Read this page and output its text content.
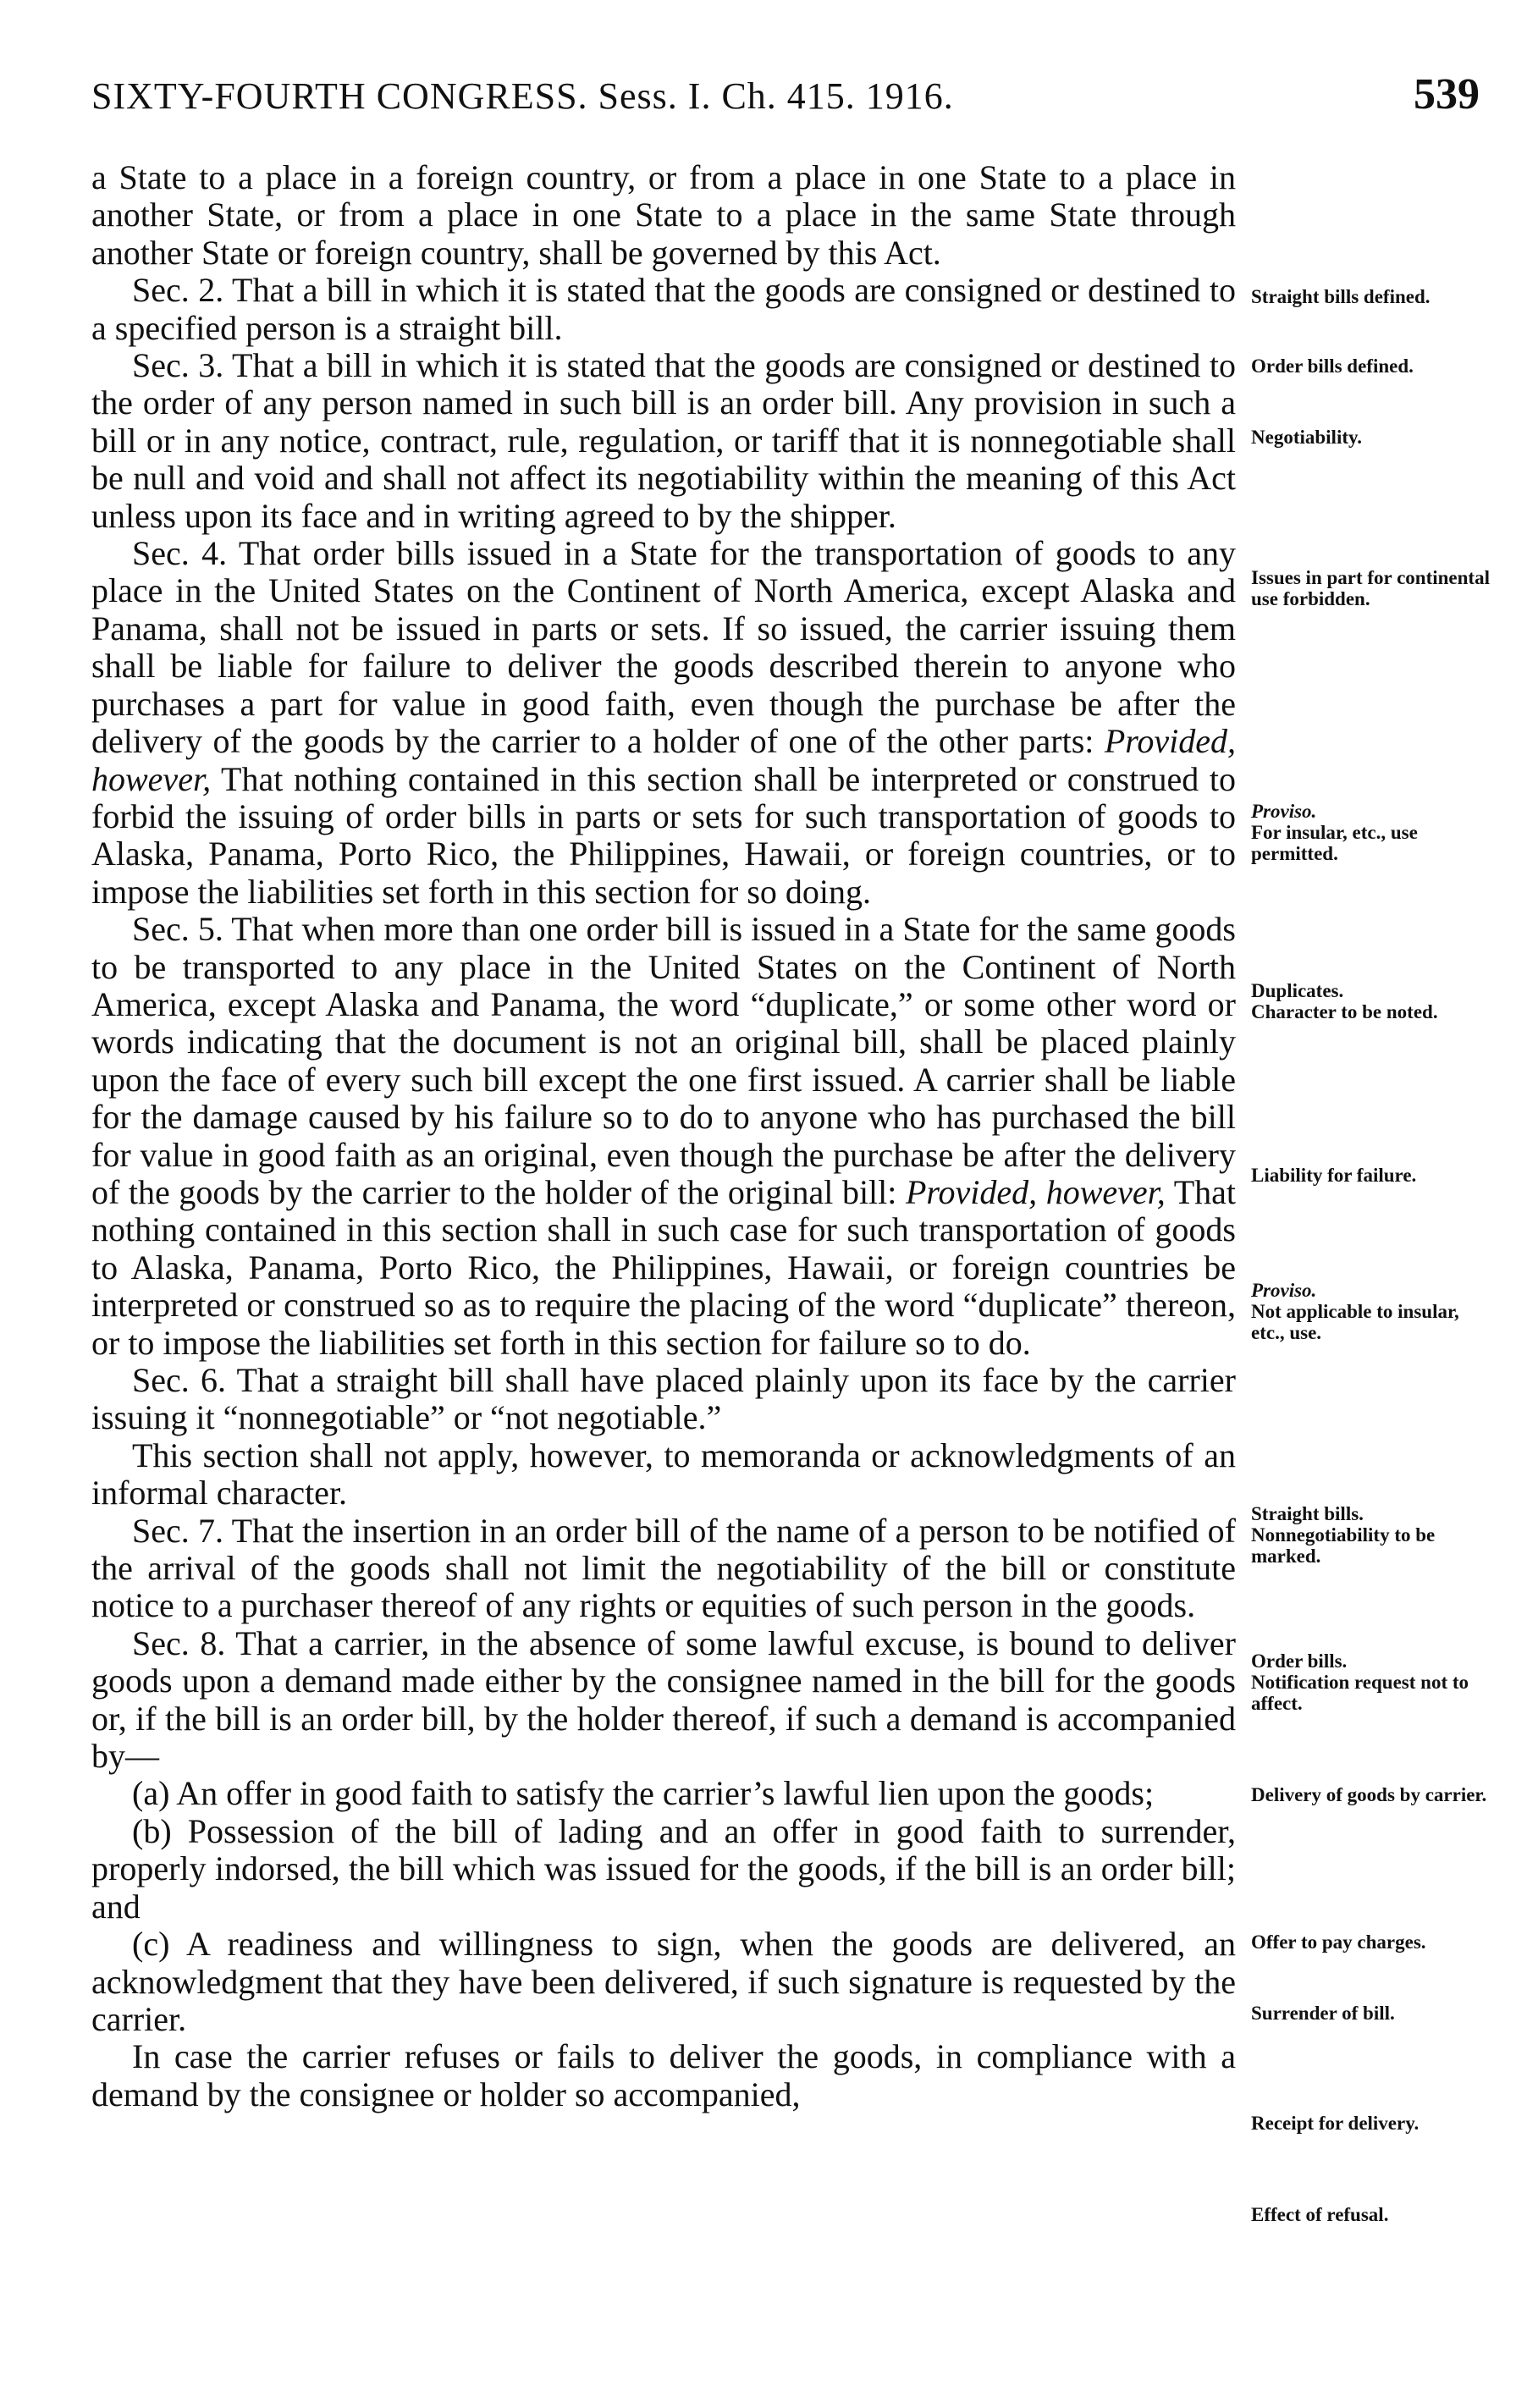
SIXTY-FOURTH CONGRESS. Sess. I. Ch. 415. 1916.	539

a State to a place in a foreign country, or from a place in one State to a place in another State, or from a place in one State to a place in the same State through another State or foreign country, shall be governed by this Act.

Sec. 2. That a bill in which it is stated that the goods are consigned or destined to a specified person is a straight bill.

Sec. 3. That a bill in which it is stated that the goods are consigned or destined to the order of any person named in such bill is an order bill. Any provision in such a bill or in any notice, contract, rule, regulation, or tariff that it is nonnegotiable shall be null and void and shall not affect its negotiability within the meaning of this Act unless upon its face and in writing agreed to by the shipper.

Sec. 4. That order bills issued in a State for the transportation of goods to any place in the United States on the Continent of North America, except Alaska and Panama, shall not be issued in parts or sets. If so issued, the carrier issuing them shall be liable for failure to deliver the goods described therein to anyone who purchases a part for value in good faith, even though the purchase be after the delivery of the goods by the carrier to a holder of one of the other parts: Provided, however, That nothing contained in this section shall be interpreted or construed to forbid the issuing of order bills in parts or sets for such transportation of goods to Alaska, Panama, Porto Rico, the Philippines, Hawaii, or foreign countries, or to impose the liabilities set forth in this section for so doing.

Sec. 5. That when more than one order bill is issued in a State for the same goods to be transported to any place in the United States on the Continent of North America, except Alaska and Panama, the word “duplicate,” or some other word or words indicating that the document is not an original bill, shall be placed plainly upon the face of every such bill except the one first issued. A carrier shall be liable for the damage caused by his failure so to do to anyone who has purchased the bill for value in good faith as an original, even though the purchase be after the delivery of the goods by the carrier to the holder of the original bill: Provided, however, That nothing contained in this section shall in such case for such transportation of goods to Alaska, Panama, Porto Rico, the Philippines, Hawaii, or foreign countries be interpreted or construed so as to require the placing of the word “duplicate” thereon, or to impose the liabilities set forth in this section for failure so to do.

Sec. 6. That a straight bill shall have placed plainly upon its face by the carrier issuing it “nonnegotiable” or “not negotiable.”

This section shall not apply, however, to memoranda or acknowledgments of an informal character.

Sec. 7. That the insertion in an order bill of the name of a person to be notified of the arrival of the goods shall not limit the negotiability of the bill or constitute notice to a purchaser thereof of any rights or equities of such person in the goods.

Sec. 8. That a carrier, in the absence of some lawful excuse, is bound to deliver goods upon a demand made either by the consignee named in the bill for the goods or, if the bill is an order bill, by the holder thereof, if such a demand is accompanied by—

(a) An offer in good faith to satisfy the carrier’s lawful lien upon the goods;

(b) Possession of the bill of lading and an offer in good faith to surrender, properly indorsed, the bill which was issued for the goods, if the bill is an order bill; and

(c) A readiness and willingness to sign, when the goods are delivered, an acknowledgment that they have been delivered, if such signature is requested by the carrier.

In case the carrier refuses or fails to deliver the goods, in compliance with a demand by the consignee or holder so accompanied,

Straight bills defined.
Order bills defined.
Negotiability.
Issues in part for continental use forbidden.
Proviso.
For insular, etc., use permitted.
Duplicates.
Character to be noted.
Liability for failure.
Proviso.
Not applicable to insular, etc., use.
Straight bills.
Nonnegotiability to be marked.
Order bills.
Notification request not to affect.
Delivery of goods by carrier.
Offer to pay charges.
Surrender of bill.
Receipt for delivery.
Effect of refusal.
